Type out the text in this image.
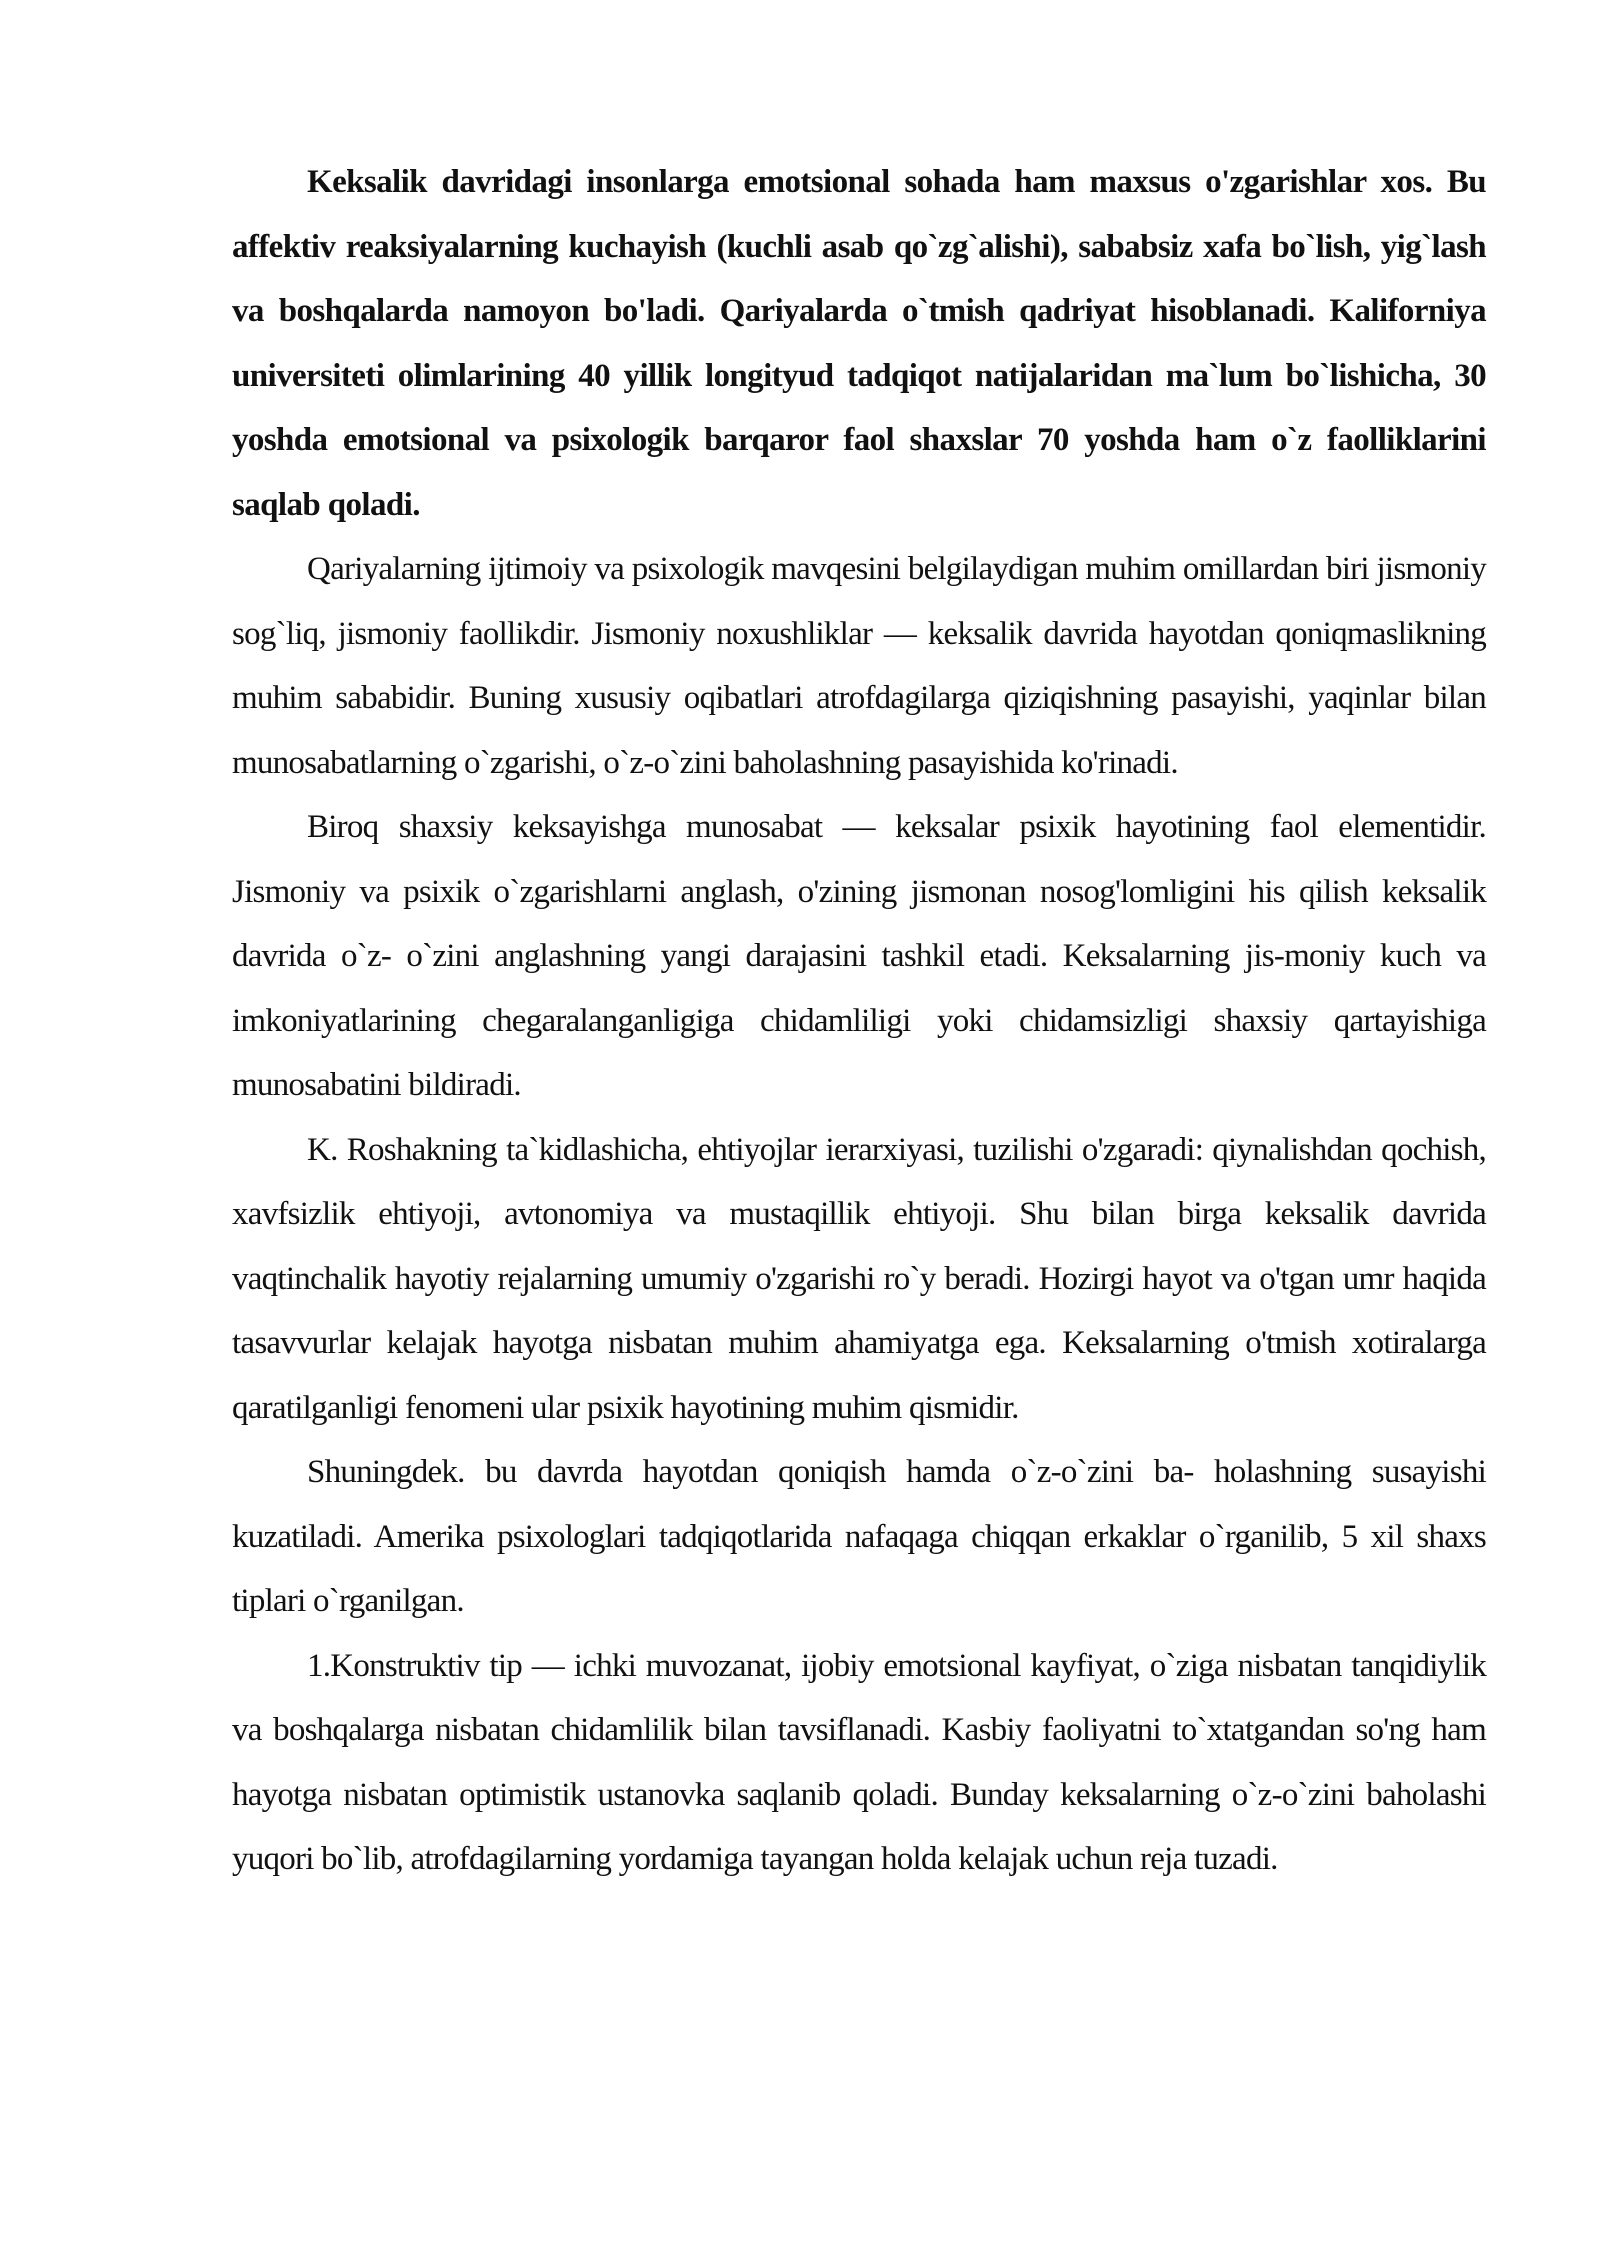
Keksalik davridagi insonlarga emotsional sohada ham maxsus o'zgarishlar xos. Bu affektiv reaksiyalarning kuchayish (kuchli asab qo`zg`alishi), sababsiz xafa bo`lish, yig`lash va boshqalarda namoyon bo'ladi. Qariyalarda o`tmish qadriyat hisoblanadi. Kaliforniya universiteti olimlarining 40 yillik longityud tadqiqot natijalaridan ma`lum bo`lishicha, 30 yoshda emotsional va psixologik barqaror faol shaxslar 70 yoshda ham o`z faolliklarini saqlab qoladi.

Qariyalarning ijtimoiy va psixologik mavqesini belgilaydigan muhim omillardan biri jismoniy sog`liq, jismoniy faollikdir. Jismoniy noxushliklar — keksalik davrida hayotdan qoniqmaslikning muhim sababidir. Buning xususiy oqibatlari atrofdagilarga qiziqishning pasayishi, yaqinlar bilan munosabatlarning o`zgarishi, o`z-o`zini baholashning pasayishida ko'rinadi.

Biroq shaxsiy keksayishga munosabat — keksalar psixik hayotining faol elementidir. Jismoniy va psixik o`zgarishlarni anglash, o'zining jismonan nosog'lomligini his qilish keksalik davrida o`z- o`zini anglashning yangi darajasini tashkil etadi. Keksalarning jis-moniy kuch va imkoniyatlarining chegaralanganligiga chidamliligi yoki chidamsizligi shaxsiy qartayishiga munosabatini bildiradi.

K. Roshakning ta`kidlashicha, ehtiyojlar ierarxiyasi, tuzilishi o'zgaradi: qiynalishdan qochish, xavfsizlik ehtiyoji, avtonomiya va mustaqillik ehtiyoji. Shu bilan birga keksalik davrida vaqtinchalik hayotiy rejalarning umumiy o'zgarishi ro`y beradi. Hozirgi hayot va o'tgan umr haqida tasavvurlar kelajak hayotga nisbatan muhim ahamiyatga ega. Keksalarning o'tmish xotiralarga qaratilganligi fenomeni ular psixik hayotining muhim qismidir.

Shuningdek. bu davrda hayotdan qoniqish hamda o`z-o`zini ba- holashning susayishi kuzatiladi. Amerika psixologlari tadqiqotlarida nafaqaga chiqqan erkaklar o`rganilib, 5 xil shaxs tiplari o`rganilgan.

1.Konstruktiv tip — ichki muvozanat, ijobiy emotsional kayfiyat, o`ziga nisbatan tanqidiylik va boshqalarga nisbatan chidamlilik bilan tavsiflanadi. Kasbiy faoliyatni to`xtatgandan so'ng ham hayotga nisbatan optimistik ustanovka saqlanib qoladi. Bunday keksalarning o`z-o`zini baholashi yuqori bo`lib, atrofdagilarning yordamiga tayangan holda kelajak uchun reja tuzadi.
